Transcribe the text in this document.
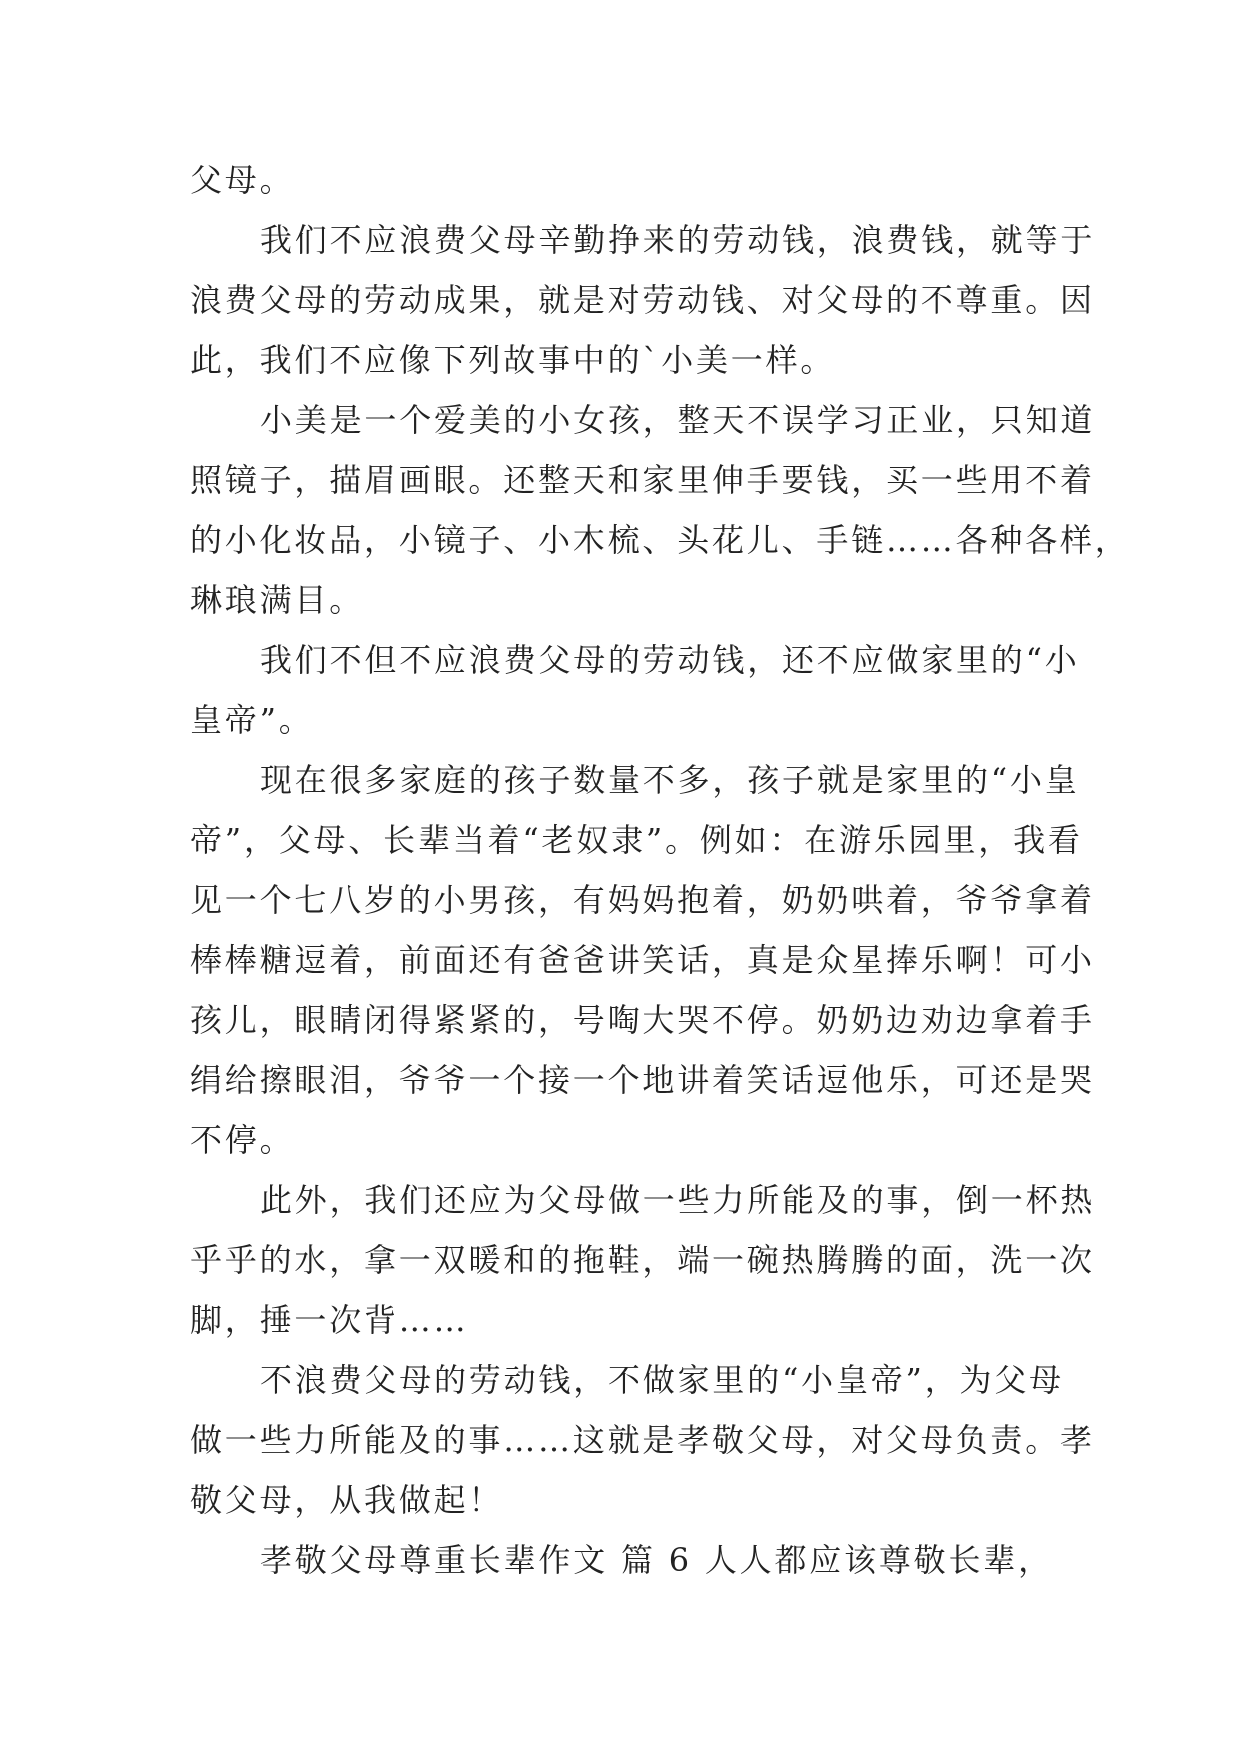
父母。
我们不应浪费父母辛勤挣来的劳动钱，浪费钱，就等于
浪费父母的劳动成果，就是对劳动钱、对父母的不尊重。因
此，我们不应像下列故事中的`小美一样。
小美是一个爱美的小女孩，整天不误学习正业，只知道
照镜子，描眉画眼。还整天和家里伸手要钱，买一些用不着
的小化妆品，小镜子、小木梳、头花儿、手链……各种各样，
琳琅满目。
我们不但不应浪费父母的劳动钱，还不应做家里的“小
皇帝”。
现在很多家庭的孩子数量不多，孩子就是家里的“小皇
帝”，父母、长辈当着“老奴隶”。例如：在游乐园里，我看
见一个七八岁的小男孩，有妈妈抱着，奶奶哄着，爷爷拿着
棒棒糖逗着，前面还有爸爸讲笑话，真是众星捧乐啊！可小
孩儿，眼睛闭得紧紧的，号啕大哭不停。奶奶边劝边拿着手
绢给擦眼泪，爷爷一个接一个地讲着笑话逗他乐，可还是哭
不停。
此外，我们还应为父母做一些力所能及的事，倒一杯热
乎乎的水，拿一双暖和的拖鞋，端一碗热腾腾的面，洗一次
脚，捶一次背……
不浪费父母的劳动钱，不做家里的“小皇帝”，为父母
做一些力所能及的事……这就是孝敬父母，对父母负责。孝
敬父母，从我做起！
孝敬父母尊重长辈作文 篇 6 人人都应该尊敬长辈，
